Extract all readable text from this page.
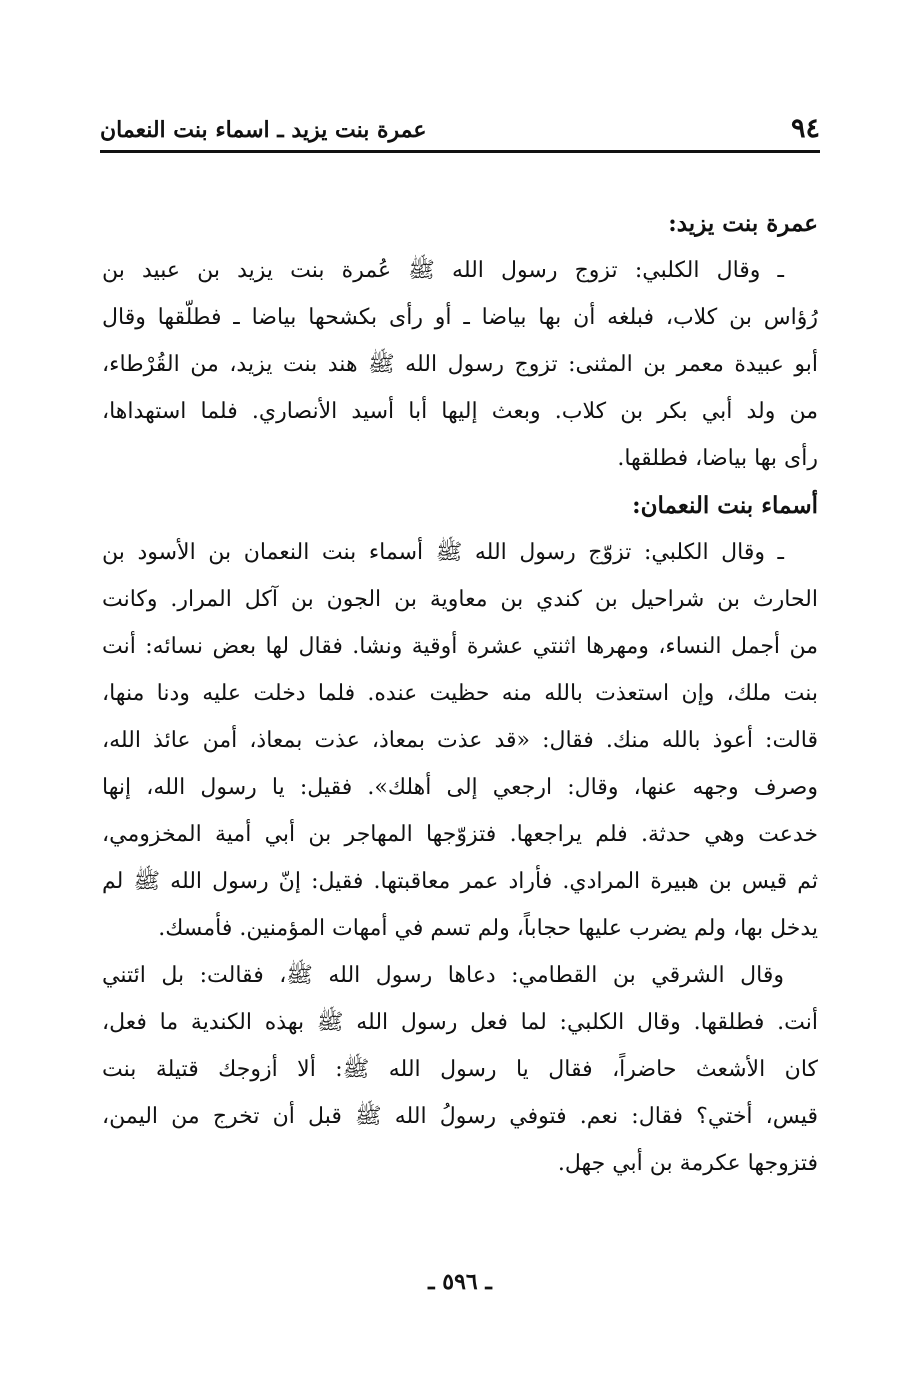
٩٤
عمرة بنت يزيد ـ اسماء بنت النعمان
عمرة بنت يزيد:
ـ وقال الكلبي: تزوج رسول الله ﷺ عُمرة بنت يزيد بن عبيد بن
رُؤاس بن كلاب، فبلغه أن بها بياضا ـ أو رأى بكشحها بياضا ـ فطلّقها وقال
أبو عبيدة معمر بن المثنى: تزوج رسول الله ﷺ هند بنت يزيد، من القُرْطاء،
من ولد أبي بكر بن كلاب. وبعث إليها أبا أسيد الأنصاري. فلما استهداها،
رأى بها بياضا، فطلقها.
أسماء بنت النعمان:
ـ وقال الكلبي: تزوّج رسول الله ﷺ أسماء بنت النعمان بن الأسود بن
الحارث بن شراحيل بن كندي بن معاوية بن الجون بن آكل المرار. وكانت
من أجمل النساء، ومهرها اثنتي عشرة أوقية ونشا. فقال لها بعض نسائه: أنت
بنت ملك، وإن استعذت بالله منه حظيت عنده. فلما دخلت عليه ودنا منها،
قالت: أعوذ بالله منك. فقال: «قد عذت بمعاذ، عذت بمعاذ، أمن عائذ الله،
وصرف وجهه عنها، وقال: ارجعي إلى أهلك». فقيل: يا رسول الله، إنها
خدعت وهي حدثة. فلم يراجعها. فتزوّجها المهاجر بن أبي أمية المخزومي،
ثم قيس بن هبيرة المرادي. فأراد عمر معاقبتها. فقيل: إنّ رسول الله ﷺ لم
يدخل بها، ولم يضرب عليها حجاباً، ولم تسم في أمهات المؤمنين. فأمسك.
وقال الشرقي بن القطامي: دعاها رسول الله ﷺ، فقالت: بل ائتني
أنت. فطلقها. وقال الكلبي: لما فعل رسول الله ﷺ بهذه الكندية ما فعل،
كان الأشعث حاضراً، فقال يا رسول الله ﷺ: ألا أزوجك قتيلة بنت
قيس، أختي؟ فقال: نعم. فتوفي رسولُ الله ﷺ قبل أن تخرج من اليمن،
فتزوجها عكرمة بن أبي جهل.
ـ ٥٩٦ ـ
